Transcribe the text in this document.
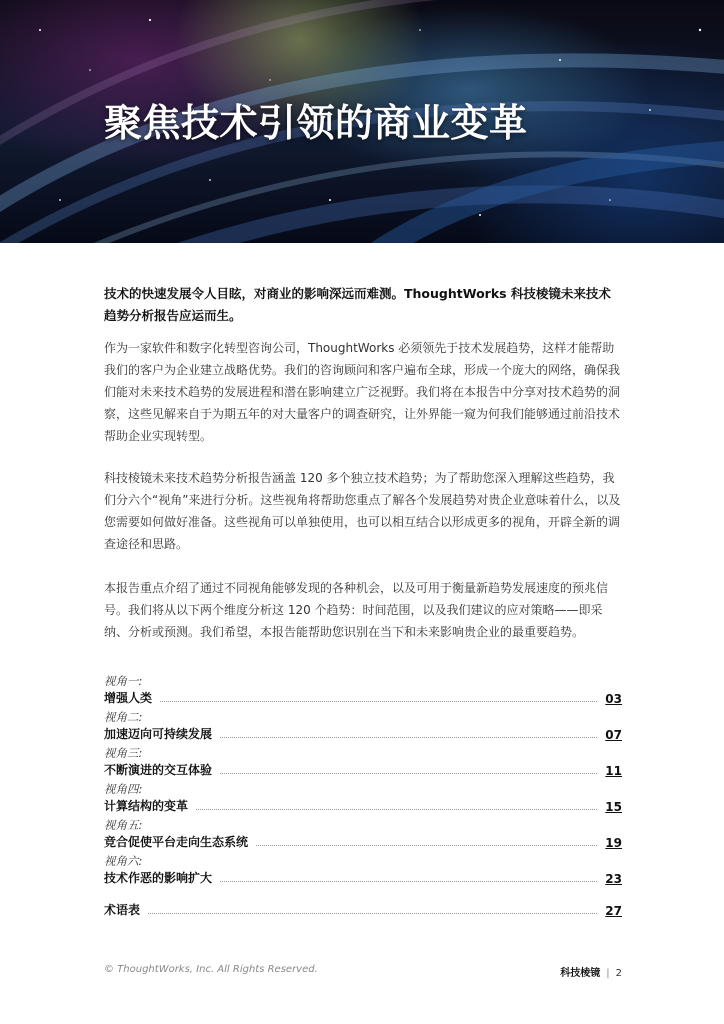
聚焦技术引领的商业变革

技术的快速发展令人目眩，对商业的影响深远而难测。ThoughtWorks 科技棱镜未来技术趋势分析报告应运而生。

作为一家软件和数字化转型咨询公司，ThoughtWorks 必须领先于技术发展趋势，这样才能帮助我们的客户为企业建立战略优势。我们的咨询顾问和客户遍布全球，形成一个庞大的网络，确保我们能对未来技术趋势的发展进程和潜在影响建立广泛视野。我们将在本报告中分享对技术趋势的洞察，这些见解来自于为期五年的对大量客户的调查研究，让外界能一窥为何我们能够通过前沿技术帮助企业实现转型。

科技棱镜未来技术趋势分析报告涵盖 120 多个独立技术趋势；为了帮助您深入理解这些趋势，我们分六个“视角”来进行分析。这些视角将帮助您重点了解各个发展趋势对贵企业意味着什么，以及您需要如何做好准备。这些视角可以单独使用，也可以相互结合以形成更多的视角，开辟全新的调查途径和思路。

本报告重点介绍了通过不同视角能够发现的各种机会，以及可用于衡量新趋势发展速度的预兆信号。我们将从以下两个维度分析这 120 个趋势：时间范围，以及我们建议的应对策略——即采纳、分析或预测。我们希望，本报告能帮助您识别在当下和未来影响贵企业的最重要趋势。

视角一:
增强人类	03
视角二:
加速迈向可持续发展	07
视角三:
不断演进的交互体验	11
视角四:
计算结构的变革	15
视角五:
竞合促使平台走向生态系统	19
视角六:
技术作恶的影响扩大	23
术语表	27
© ThoughtWorks, Inc. All Rights Reserved.	科技棱镜 | 2
